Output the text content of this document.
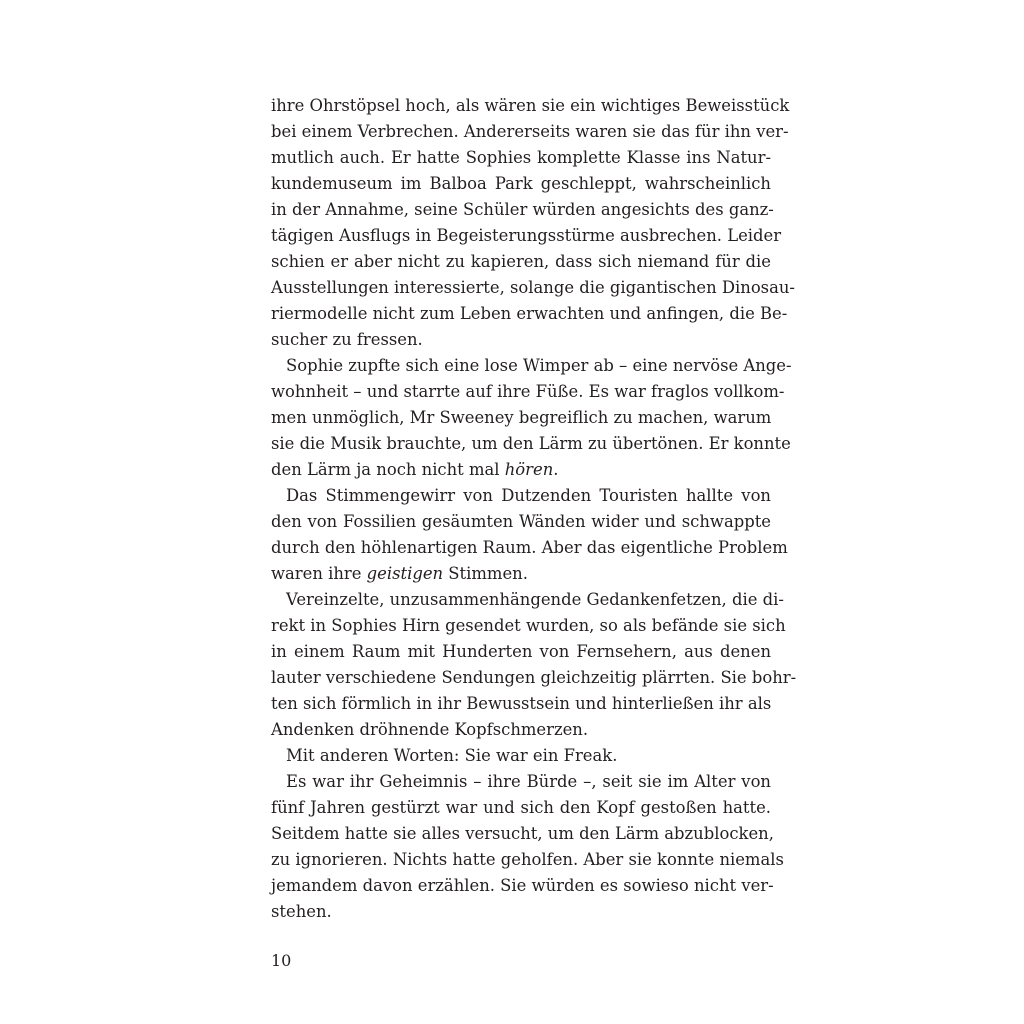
ihre Ohrstöpsel hoch, als wären sie ein wichtiges Beweisstück
bei einem Verbrechen. Andererseits waren sie das für ihn ver-
mutlich auch. Er hatte Sophies komplette Klasse ins Natur-
kundemuseum im Balboa Park geschleppt, wahrscheinlich
in der Annahme, seine Schüler würden angesichts des ganz-
tägigen Ausflugs in Begeisterungsstürme ausbrechen. Leider
schien er aber nicht zu kapieren, dass sich niemand für die
Ausstellungen interessierte, solange die gigantischen Dinosau-
riermodelle nicht zum Leben erwachten und anfingen, die Be-
sucher zu fressen.
Sophie zupfte sich eine lose Wimper ab – eine nervöse Ange-
wohnheit – und starrte auf ihre Füße. Es war fraglos vollkom-
men unmöglich, Mr Sweeney begreiflich zu machen, warum
sie die Musik brauchte, um den Lärm zu übertönen. Er konnte
den Lärm ja noch nicht mal hören.
Das Stimmengewirr von Dutzenden Touristen hallte von
den von Fossilien gesäumten Wänden wider und schwappte
durch den höhlenartigen Raum. Aber das eigentliche Problem
waren ihre geistigen Stimmen.
Vereinzelte, unzusammenhängende Gedankenfetzen, die di-
rekt in Sophies Hirn gesendet wurden, so als befände sie sich
in einem Raum mit Hunderten von Fernsehern, aus denen
lauter verschiedene Sendungen gleichzeitig plärrten. Sie bohr-
ten sich förmlich in ihr Bewusstsein und hinterließen ihr als
Andenken dröhnende Kopfschmerzen.
Mit anderen Worten: Sie war ein Freak.
Es war ihr Geheimnis – ihre Bürde –, seit sie im Alter von
fünf Jahren gestürzt war und sich den Kopf gestoßen hatte.
Seitdem hatte sie alles versucht, um den Lärm abzublocken,
zu ignorieren. Nichts hatte geholfen. Aber sie konnte niemals
jemandem davon erzählen. Sie würden es sowieso nicht ver-
stehen.
10
